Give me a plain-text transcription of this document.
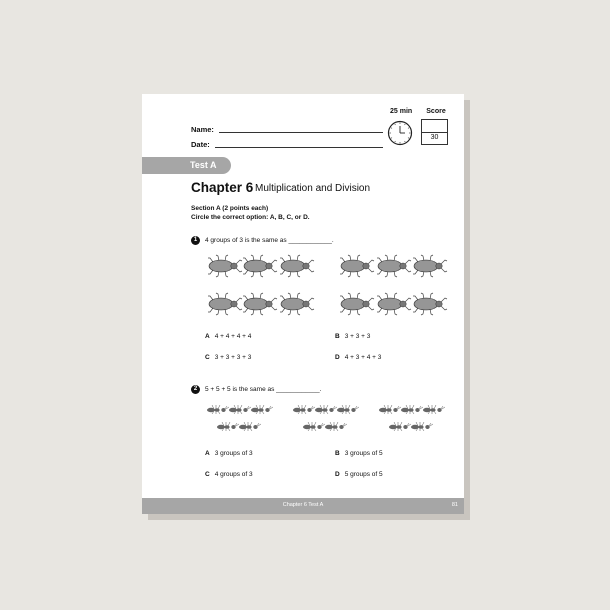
Name:
Date:
25 min	Score
30
Test A
Chapter 6 Multiplication and Division
Section A (2 points each)
Circle the correct option: A, B, C, or D.
1	4 groups of 3 is the same as ____________.
A 4 + 4 + 4 + 4	B 3 + 3 + 3
C 3 + 3 + 3 + 3	D 4 + 3 + 4 + 3
2	5 + 5 + 5 is the same as ____________.
A 3 groups of 3	B 3 groups of 5
C 4 groups of 3	D 5 groups of 5
Chapter 6 Test A	81
